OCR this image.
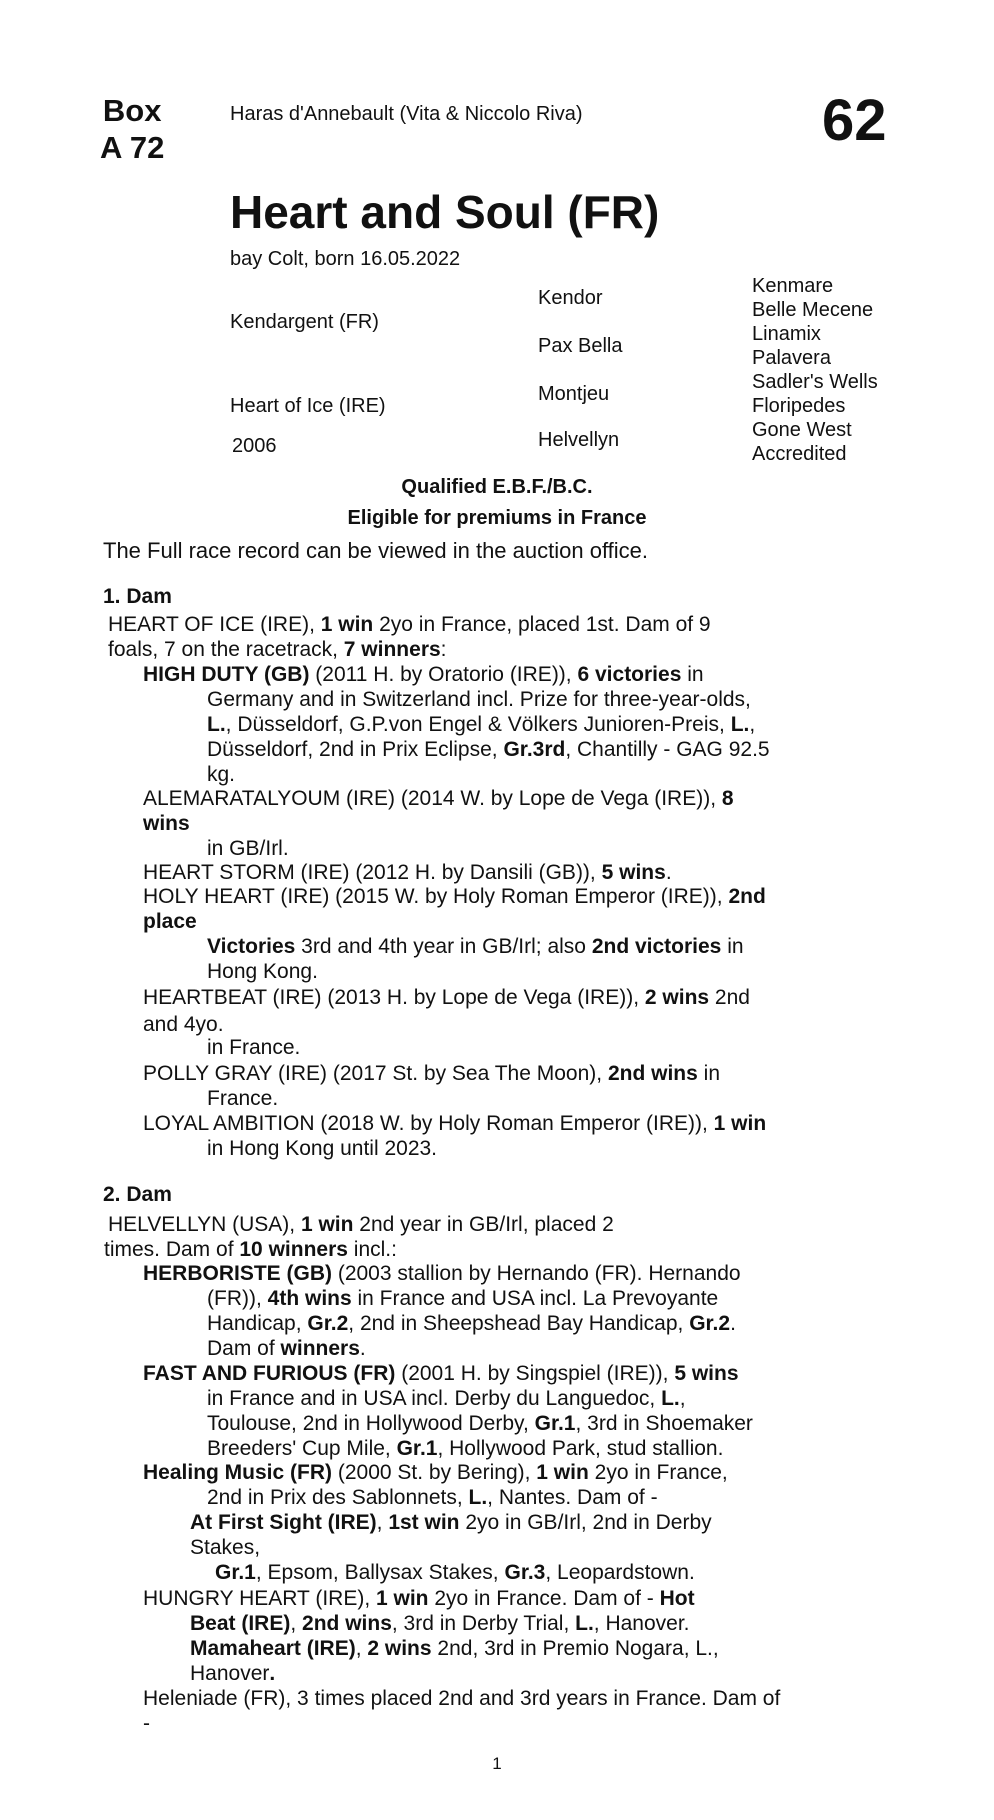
Box
A 72
Haras d'Annebault (Vita & Niccolo Riva)	62
Heart and Soul (FR)
bay Colt, born 16.05.2022
Kendargent (FR)
Heart of Ice (IRE)
2006
Kendor
Pax Bella
Montjeu
Helvellyn
Kenmare
Belle Mecene
Linamix
Palavera
Sadler's Wells
Floripedes
Gone West
Accredited
Qualified E.B.F./B.C.
Eligible for premiums in France
The Full race record can be viewed in the auction office.
1. Dam
HEART OF ICE (IRE), 1 win 2yo in France, placed 1st. Dam of 9
foals, 7 on the racetrack, 7 winners:
HIGH DUTY (GB) (2011 H. by Oratorio (IRE)), 6 victories in
Germany and in Switzerland incl. Prize for three-year-olds,
L., Düsseldorf, G.P.von Engel & Völkers Junioren-Preis, L.,
Düsseldorf, 2nd in Prix Eclipse, Gr.3rd, Chantilly - GAG 92.5
kg.
ALEMARATALYOUM (IRE) (2014 W. by Lope de Vega (IRE)), 8
wins
in GB/Irl.
HEART STORM (IRE) (2012 H. by Dansili (GB)), 5 wins.
HOLY HEART (IRE) (2015 W. by Holy Roman Emperor (IRE)), 2nd
place
Victories 3rd and 4th year in GB/Irl; also 2nd victories in
Hong Kong.
HEARTBEAT (IRE) (2013 H. by Lope de Vega (IRE)), 2 wins 2nd
and 4yo.
in France.
POLLY GRAY (IRE) (2017 St. by Sea The Moon), 2nd wins in
France.
LOYAL AMBITION (2018 W. by Holy Roman Emperor (IRE)), 1 win
in Hong Kong until 2023.
2. Dam
HELVELLYN (USA), 1 win 2nd year in GB/Irl, placed 2
times. Dam of 10 winners incl.:
HERBORISTE (GB) (2003 stallion by Hernando (FR). Hernando
(FR)), 4th wins in France and USA incl. La Prevoyante
Handicap, Gr.2, 2nd in Sheepshead Bay Handicap, Gr.2.
Dam of winners.
FAST AND FURIOUS (FR) (2001 H. by Singspiel (IRE)), 5 wins
in France and in USA incl. Derby du Languedoc, L.,
Toulouse, 2nd in Hollywood Derby, Gr.1, 3rd in Shoemaker
Breeders' Cup Mile, Gr.1, Hollywood Park, stud stallion.
Healing Music (FR) (2000 St. by Bering), 1 win 2yo in France,
2nd in Prix des Sablonnets, L., Nantes. Dam of -
At First Sight (IRE), 1st win 2yo in GB/Irl, 2nd in Derby
Stakes,
Gr.1, Epsom, Ballysax Stakes, Gr.3, Leopardstown.
HUNGRY HEART (IRE), 1 win 2yo in France. Dam of - Hot
Beat (IRE), 2nd wins, 3rd in Derby Trial, L., Hanover.
Mamaheart (IRE), 2 wins 2nd, 3rd in Premio Nogara, L.,
Hanover.
Heleniade (FR), 3 times placed 2nd and 3rd years in France. Dam of
-
1
